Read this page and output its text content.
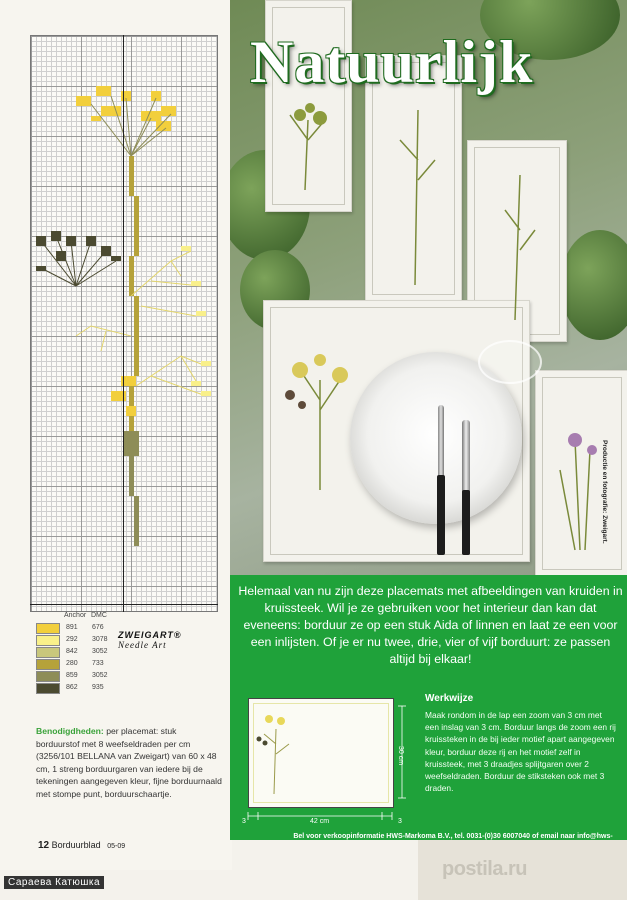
Anchor DMC
891 676
292 3078
842 3052
280 733
859 3052
862 935
ZWEIGART®
Needle Art
Benodigdheden: per placemat: stuk borduurstof met 8 weefseldraden per cm (3256/101 BELLANA van Zweigart) van 60 x 48 cm, 1 streng borduurgaren van iedere bij de tekeningen aangegeven kleur, fijne borduurnaald met stompe punt, borduurschaartje.
12 Borduurblad 05-09
Сараева Катюшка
Natuurlijk
Productie en fotografie: Zweigart.
Helemaal van nu zijn deze placemats met afbeeldingen van kruiden in kruissteek. Wil je ze gebruiken voor het interieur dan kan dat eveneens: borduur ze op een stuk Aida of linnen en laat ze een voor een inlijsten. Of je er nu twee, drie, vier of vijf borduurt: ze passen altijd bij elkaar!
42 cm
3	3
30 cm
Werkwijze
Maak rondom in de lap een zoom van 3 cm met een inslag van 3 cm. Borduur langs de zoom een rij kruissteken in de bij ieder motief apart aangegeven kleur, borduur deze rij en het motief zelf in kruissteek, met 3 draadjes splijtgaren over 2 weefseldraden. Borduur de stiksteken ook met 3 draden.
Bel voor verkoopinformatie HWS-Markoma B.V., tel. 0031-(0)30 6007040 of email naar info@hws-
postila.ru
